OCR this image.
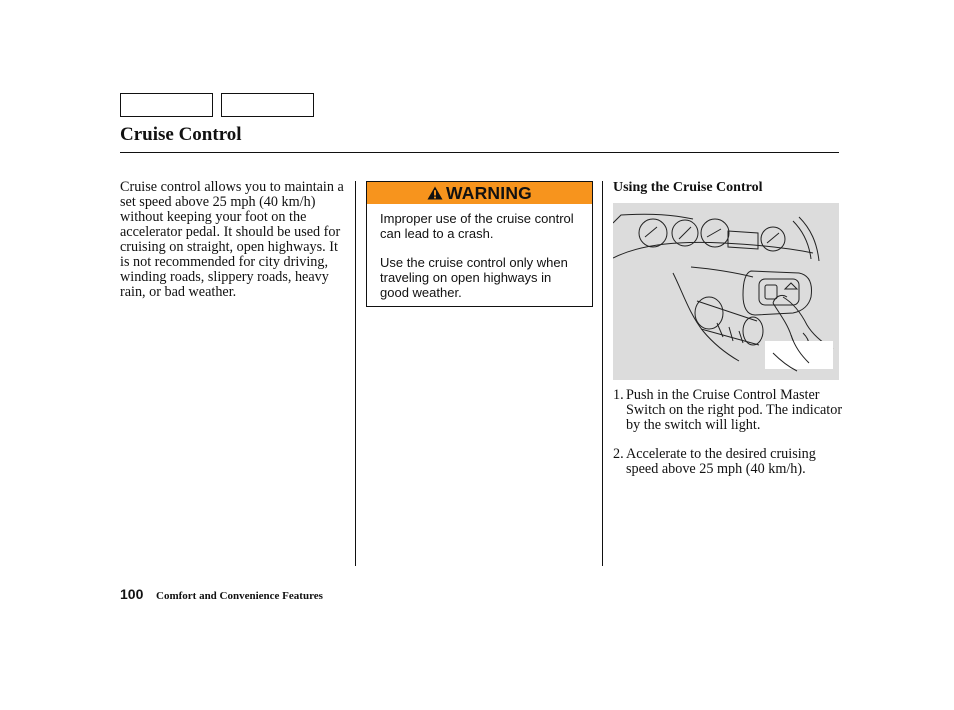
Cruise Control

Cruise control allows you to maintain a set speed above 25 mph (40 km/h) without keeping your foot on the accelerator pedal. It should be used for cruising on straight, open highways. It is not recommended for city driving, winding roads, slippery roads, heavy rain, or bad weather.

WARNING

Improper use of the cruise control can lead to a crash.

Use the cruise control only when traveling on open highways in good weather.

Using the Cruise Control

1. Push in the Cruise Control Master Switch on the right pod. The indicator by the switch will light.
2. Accelerate to the desired cruising speed above 25 mph (40 km/h).
100 Comfort and Convenience Features
